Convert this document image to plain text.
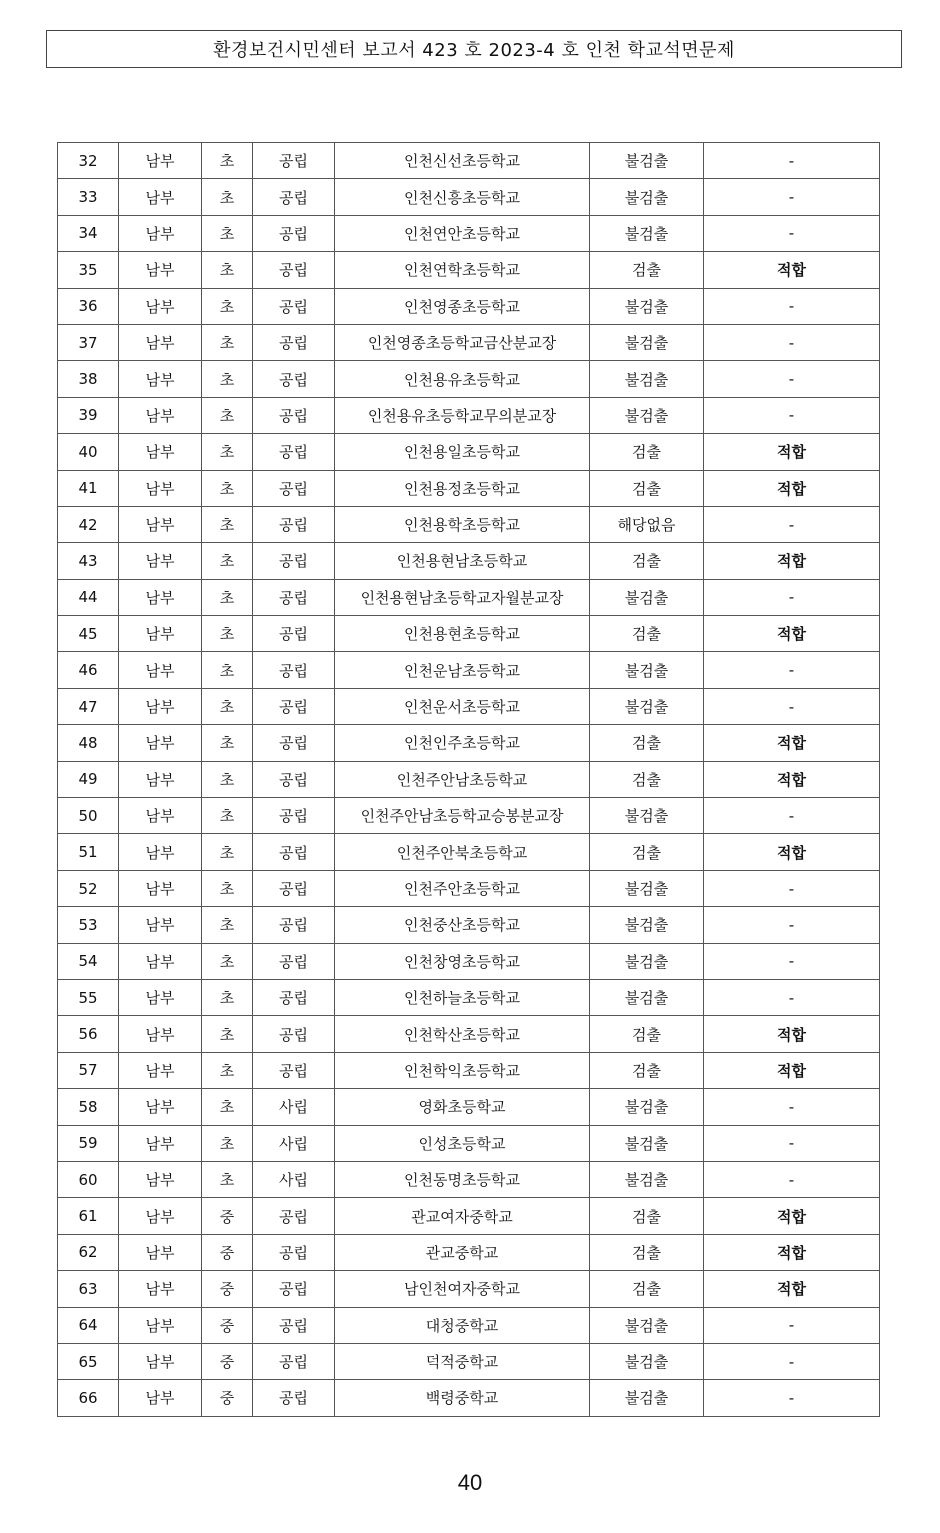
환경보건시민센터 보고서 423 호 2023-4 호 인천 학교석면문제
32	남부	초	공립	인천신선초등학교	불검출	-
33	남부	초	공립	인천신흥초등학교	불검출	-
34	남부	초	공립	인천연안초등학교	불검출	-
35	남부	초	공립	인천연학초등학교	검출	적합
36	남부	초	공립	인천영종초등학교	불검출	-
37	남부	초	공립	인천영종초등학교금산분교장	불검출	-
38	남부	초	공립	인천용유초등학교	불검출	-
39	남부	초	공립	인천용유초등학교무의분교장	불검출	-
40	남부	초	공립	인천용일초등학교	검출	적합
41	남부	초	공립	인천용정초등학교	검출	적합
42	남부	초	공립	인천용학초등학교	해당없음	-
43	남부	초	공립	인천용현남초등학교	검출	적합
44	남부	초	공립	인천용현남초등학교자월분교장	불검출	-
45	남부	초	공립	인천용현초등학교	검출	적합
46	남부	초	공립	인천운남초등학교	불검출	-
47	남부	초	공립	인천운서초등학교	불검출	-
48	남부	초	공립	인천인주초등학교	검출	적합
49	남부	초	공립	인천주안남초등학교	검출	적합
50	남부	초	공립	인천주안남초등학교승봉분교장	불검출	-
51	남부	초	공립	인천주안북초등학교	검출	적합
52	남부	초	공립	인천주안초등학교	불검출	-
53	남부	초	공립	인천중산초등학교	불검출	-
54	남부	초	공립	인천창영초등학교	불검출	-
55	남부	초	공립	인천하늘초등학교	불검출	-
56	남부	초	공립	인천학산초등학교	검출	적합
57	남부	초	공립	인천학익초등학교	검출	적합
58	남부	초	사립	영화초등학교	불검출	-
59	남부	초	사립	인성초등학교	불검출	-
60	남부	초	사립	인천동명초등학교	불검출	-
61	남부	중	공립	관교여자중학교	검출	적합
62	남부	중	공립	관교중학교	검출	적합
63	남부	중	공립	남인천여자중학교	검출	적합
64	남부	중	공립	대청중학교	불검출	-
65	남부	중	공립	덕적중학교	불검출	-
66	남부	중	공립	백령중학교	불검출	-
40
